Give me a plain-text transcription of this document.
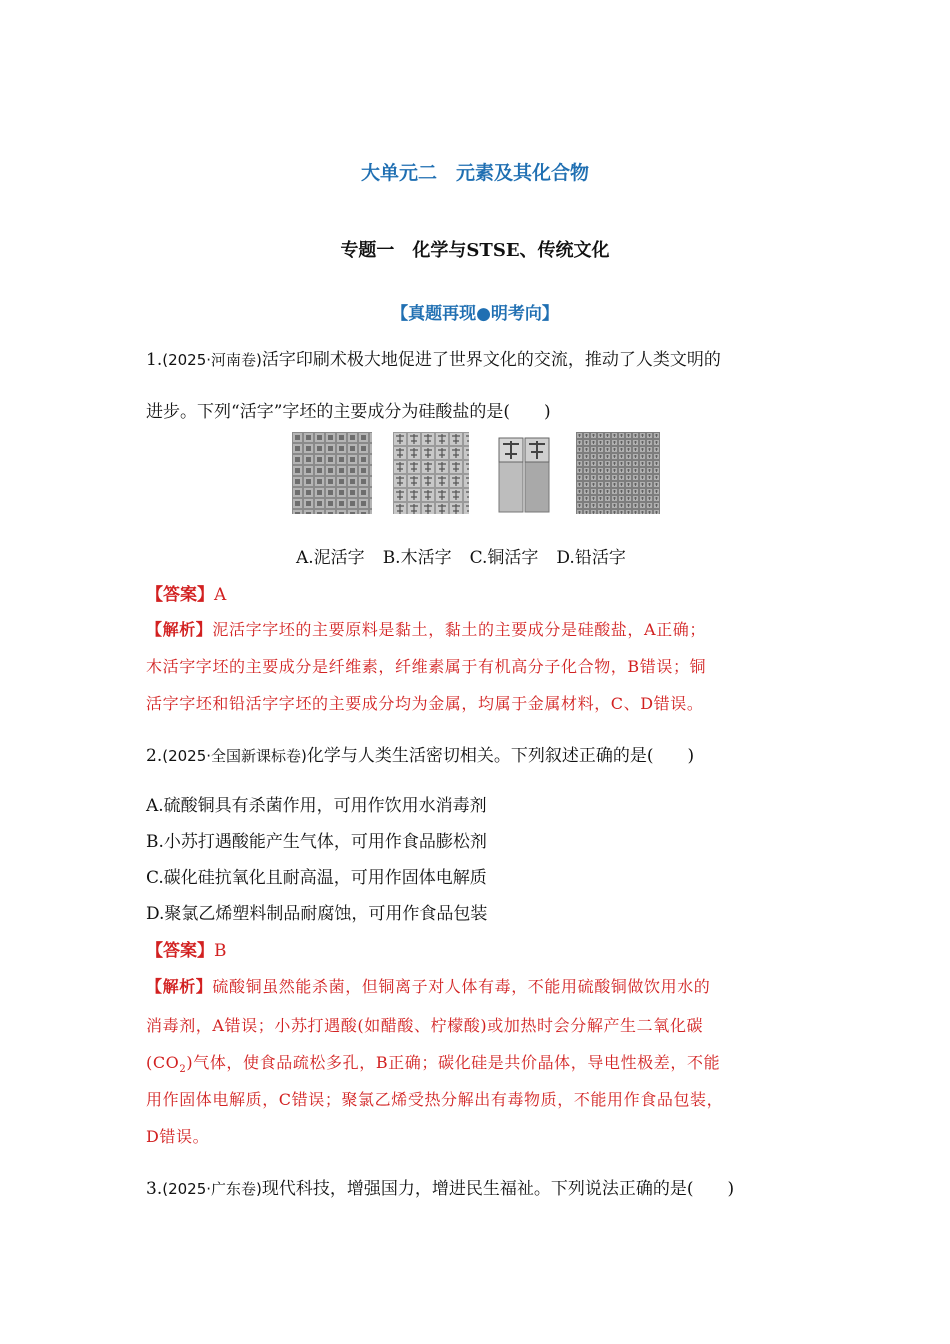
大单元二　元素及其化合物
专题一　化学与STSE、传统文化
【真题再现●明考向】
1.(2025·河南卷)活字印刷术极大地促进了世界文化的交流，推动了人类文明的
进步。下列“活字”字坯的主要成分为硅酸盐的是(　　)
A.泥活字 B.木活字 C.铜活字 D.铅活字
【答案】A
【解析】泥活字字坯的主要原料是黏土，黏土的主要成分是硅酸盐，A正确；
木活字字坯的主要成分是纤维素，纤维素属于有机高分子化合物，B错误；铜
活字字坯和铅活字字坯的主要成分均为金属，均属于金属材料，C、D错误。
2.(2025·全国新课标卷)化学与人类生活密切相关。下列叙述正确的是(　　)
A.硫酸铜具有杀菌作用，可用作饮用水消毒剂
B.小苏打遇酸能产生气体，可用作食品膨松剂
C.碳化硅抗氧化且耐高温，可用作固体电解质
D.聚氯乙烯塑料制品耐腐蚀，可用作食品包装
【答案】B
【解析】硫酸铜虽然能杀菌，但铜离子对人体有毒，不能用硫酸铜做饮用水的
消毒剂，A错误；小苏打遇酸(如醋酸、柠檬酸)或加热时会分解产生二氧化碳
$(CO_2)$气体，使食品疏松多孔，B正确；碳化硅是共价晶体，导电性极差，不能
用作固体电解质，C错误；聚氯乙烯受热分解出有毒物质，不能用作食品包装，
D错误。
3.(2025·广东卷)现代科技，增强国力，增进民生福祉。下列说法正确的是(　　)
